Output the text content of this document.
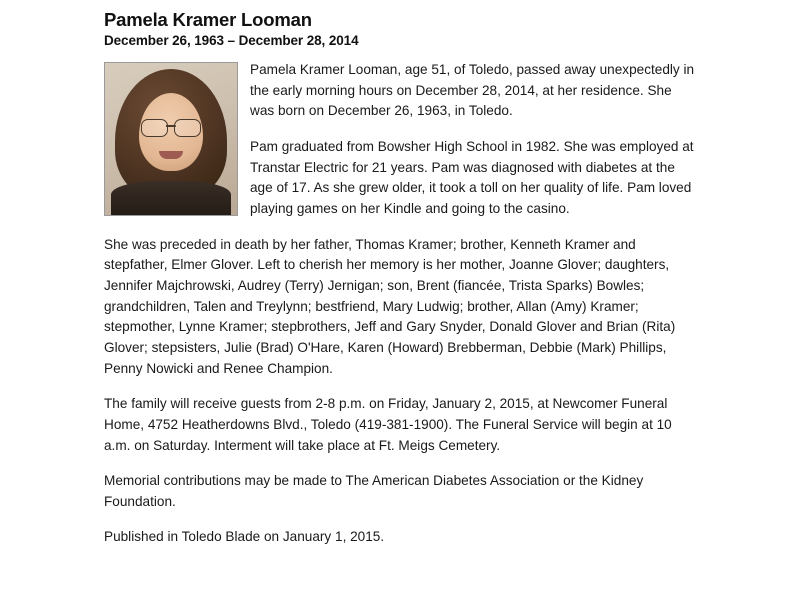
Pamela Kramer Looman
December 26, 1963 – December 28, 2014

Pamela Kramer Looman, age 51, of Toledo, passed away unexpectedly in the early morning hours on December 28, 2014, at her residence. She was born on December 26, 1963, in Toledo.

Pam graduated from Bowsher High School in 1982. She was employed at Transtar Electric for 21 years. Pam was diagnosed with diabetes at the age of 17. As she grew older, it took a toll on her quality of life. Pam loved playing games on her Kindle and going to the casino.

She was preceded in death by her father, Thomas Kramer; brother, Kenneth Kramer and stepfather, Elmer Glover. Left to cherish her memory is her mother, Joanne Glover; daughters, Jennifer Majchrowski, Audrey (Terry) Jernigan; son, Brent (fiancée, Trista Sparks) Bowles; grandchildren, Talen and Treylynn; bestfriend, Mary Ludwig; brother, Allan (Amy) Kramer; stepmother, Lynne Kramer; stepbrothers, Jeff and Gary Snyder, Donald Glover and Brian (Rita) Glover; stepsisters, Julie (Brad) O'Hare, Karen (Howard) Brebberman, Debbie (Mark) Phillips, Penny Nowicki and Renee Champion.

The family will receive guests from 2-8 p.m. on Friday, January 2, 2015, at Newcomer Funeral Home, 4752 Heatherdowns Blvd., Toledo (419-381-1900). The Funeral Service will begin at 10 a.m. on Saturday. Interment will take place at Ft. Meigs Cemetery.

Memorial contributions may be made to The American Diabetes Association or the Kidney Foundation.

Published in Toledo Blade on January 1, 2015.
